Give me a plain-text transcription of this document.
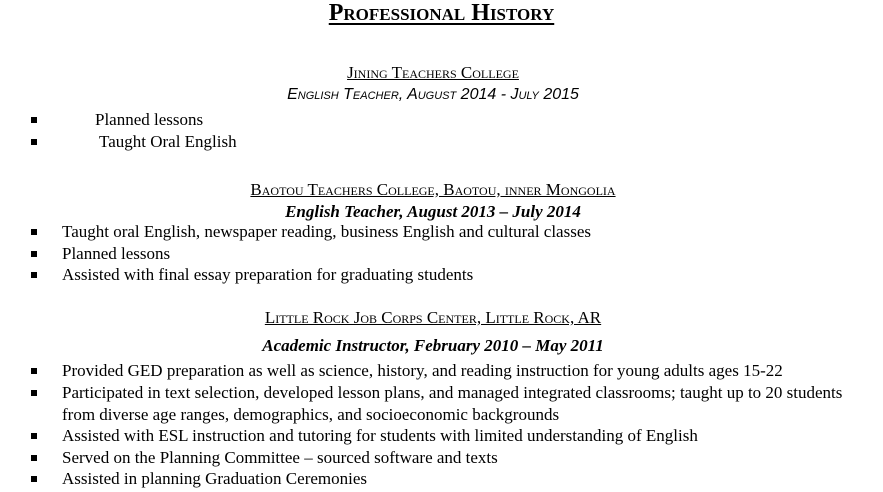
Professional History
Jining Teachers College
English Teacher, August 2014 - July 2015
Planned lessons
Taught Oral English
Baotou Teachers College, Baotou, inner Mongolia
English Teacher, August 2013 – July 2014
Taught oral English, newspaper reading, business English and cultural classes
Planned lessons
Assisted with final essay preparation for graduating students
Little Rock Job Corps Center, Little Rock, AR
Academic Instructor, February 2010 – May 2011
Provided GED preparation as well as science, history, and reading instruction for young adults ages 15-22
Participated in text selection, developed lesson plans, and managed integrated classrooms; taught up to 20 students from diverse age ranges, demographics, and socioeconomic backgrounds
Assisted with ESL instruction and tutoring for students with limited understanding of English
Served on the Planning Committee – sourced software and texts
Assisted in planning Graduation Ceremonies
